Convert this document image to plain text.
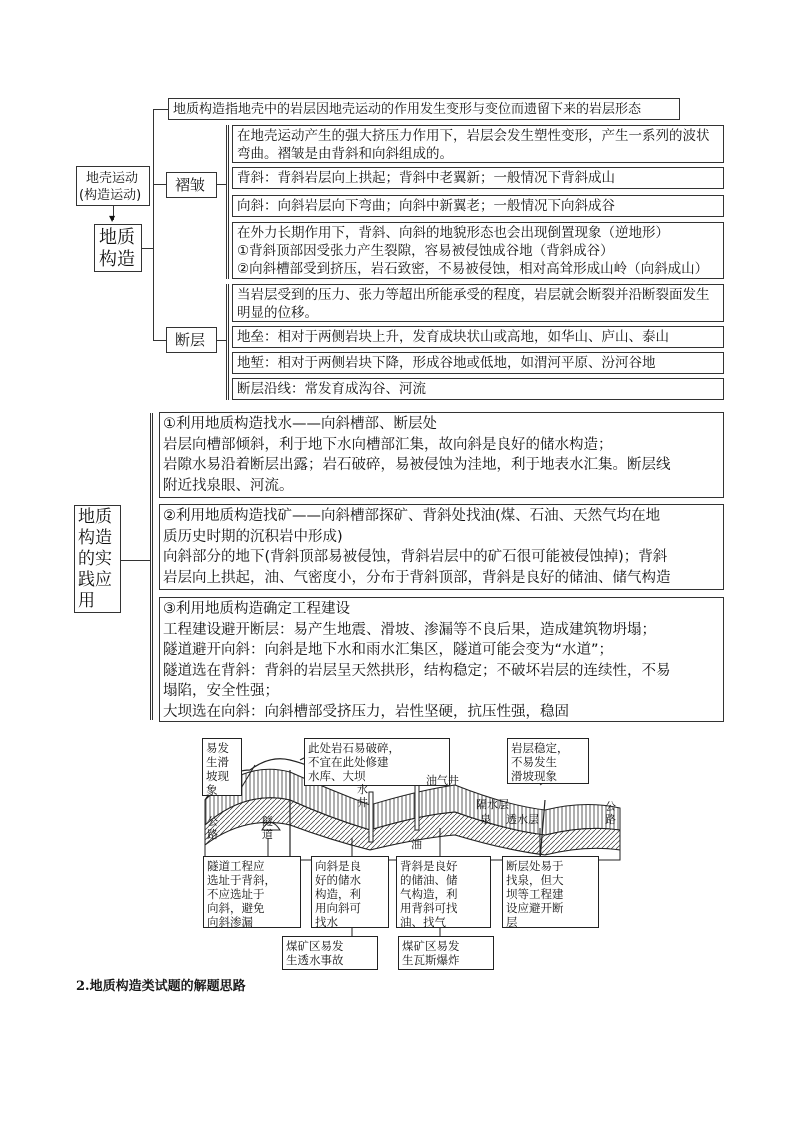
地壳运动
(构造运动)
▼
地质
构造
地质构造指地壳中的岩层因地壳运动的作用发生变形与变位而遗留下来的岩层形态
褶皱
在地壳运动产生的强大挤压力作用下，岩层会发生塑性变形，产生一系列的波状
弯曲。褶皱是由背斜和向斜组成的。
背斜：背斜岩层向上拱起；背斜中老翼新；一般情况下背斜成山
向斜：向斜岩层向下弯曲；向斜中新翼老；一般情况下向斜成谷
在外力长期作用下，背斜、向斜的地貌形态也会出现倒置现象（逆地形）
①背斜顶部因受张力产生裂隙，容易被侵蚀成谷地（背斜成谷）
②向斜槽部受到挤压，岩石致密，不易被侵蚀，相对高耸形成山岭（向斜成山）
断层
当岩层受到的压力、张力等超出所能承受的程度，岩层就会断裂并沿断裂面发生
明显的位移。
地垒：相对于两侧岩块上升，发育成块状山或高地，如华山、庐山、泰山
地堑：相对于两侧岩块下降，形成谷地或低地，如渭河平原、汾河谷地
断层沿线：常发育成沟谷、河流
地质
构造
的实
践应
用
①利用地质构造找水——向斜槽部、断层处
岩层向槽部倾斜，利于地下水向槽部汇集，故向斜是良好的储水构造；
岩隙水易沿着断层出露；岩石破碎，易被侵蚀为洼地，利于地表水汇集。断层线
附近找泉眼、河流。
②利用地质构造找矿——向斜槽部探矿、背斜处找油(煤、石油、天然气均在地
质历史时期的沉积岩中形成)
向斜部分的地下(背斜顶部易被侵蚀，背斜岩层中的矿石很可能被侵蚀掉)；背斜
岩层向上拱起，油、气密度小，分布于背斜顶部，背斜是良好的储油、储气构造
③利用地质构造确定工程建设
工程建设避开断层：易产生地震、滑坡、渗漏等不良后果，造成建筑物坍塌；
隧道避开向斜：向斜是地下水和雨水汇集区，隧道可能会变为“水道”；
隧道选在背斜：背斜的岩层呈天然拱形，结构稳定；不破坏岩层的连续性，不易
塌陷，安全性强；
大坝选在向斜：向斜槽部受挤压力，岩性坚硬，抗压性强，稳固
易发
生滑
坡现
象
此处岩石易破碎，
不宜在此处修建
水库、大坝
岩层稳定，
不易发生
滑坡现象
油气井
水
井	隔水层
泉 透水层
隧
道
油
公
路
公
路
隧道工程应
选址于背斜，
不应选址于
向斜，避免
向斜渗漏
向斜是良
好的储水
构造，利
用向斜可
找水
背斜是良好
的储油、储
气构造，利
用背斜可找
油、找气
断层处易于
找泉，但大
坝等工程建
设应避开断
层
煤矿区易发
生透水事故
煤矿区易发
生瓦斯爆炸
2.地质构造类试题的解题思路
